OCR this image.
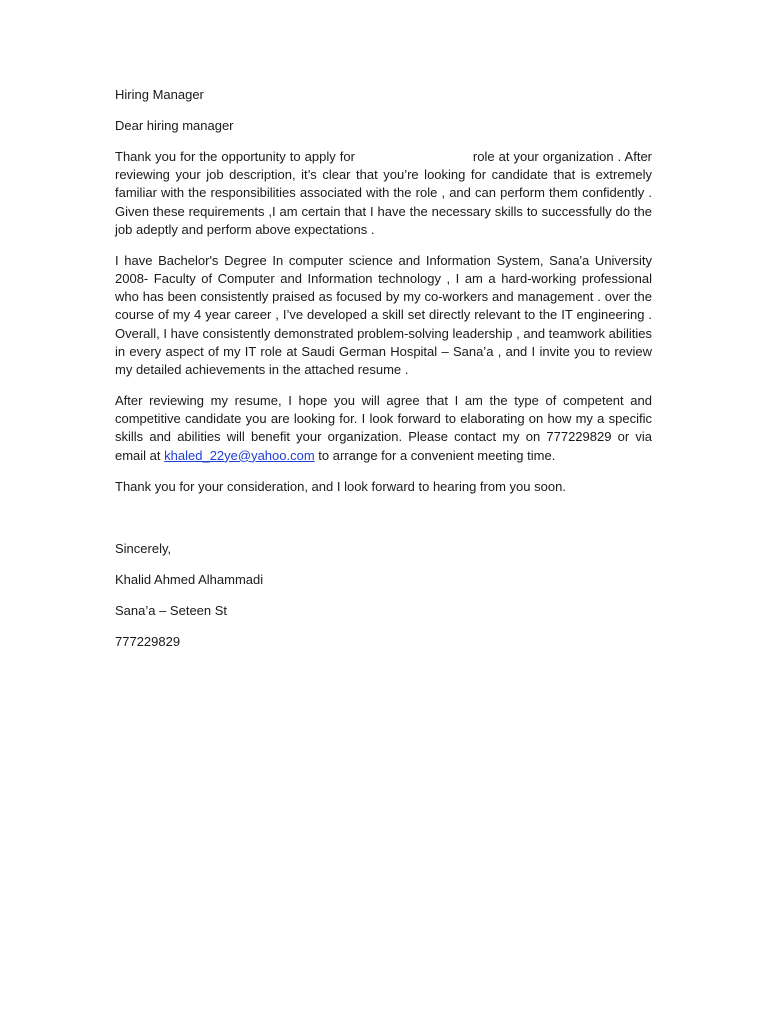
Hiring Manager

Dear hiring manager

Thank you for the opportunity to apply for	role at your organization . After reviewing your job description, it’s clear that you’re looking for candidate that is extremely familiar with the responsibilities associated with the role , and can perform them confidently . Given these requirements ,I am certain that I have the necessary skills to successfully do the job adeptly and perform above expectations .

I have Bachelor's Degree In computer science and Information System, Sana'a University 2008- Faculty of Computer and Information technology , I am a hard-working professional who has been consistently praised as focused by my co-workers and management . over the course of my 4 year career , I’ve developed a skill set directly relevant to the IT engineering . Overall, I have consistently demonstrated problem-solving leadership , and teamwork abilities in every aspect of my IT role at Saudi German Hospital – Sana’a , and I invite you to review my detailed achievements in the attached resume .

After reviewing my resume, I hope you will agree that I am the type of competent and competitive candidate you are looking for. I look forward to elaborating on how my a specific skills and abilities will benefit your organization. Please contact my on 777229829 or via email at khaled_22ye@yahoo.com to arrange for a convenient meeting time.

Thank you for your consideration, and I look forward to hearing from you soon.

Sincerely,

Khalid Ahmed Alhammadi

Sana’a – Seteen St

777229829
